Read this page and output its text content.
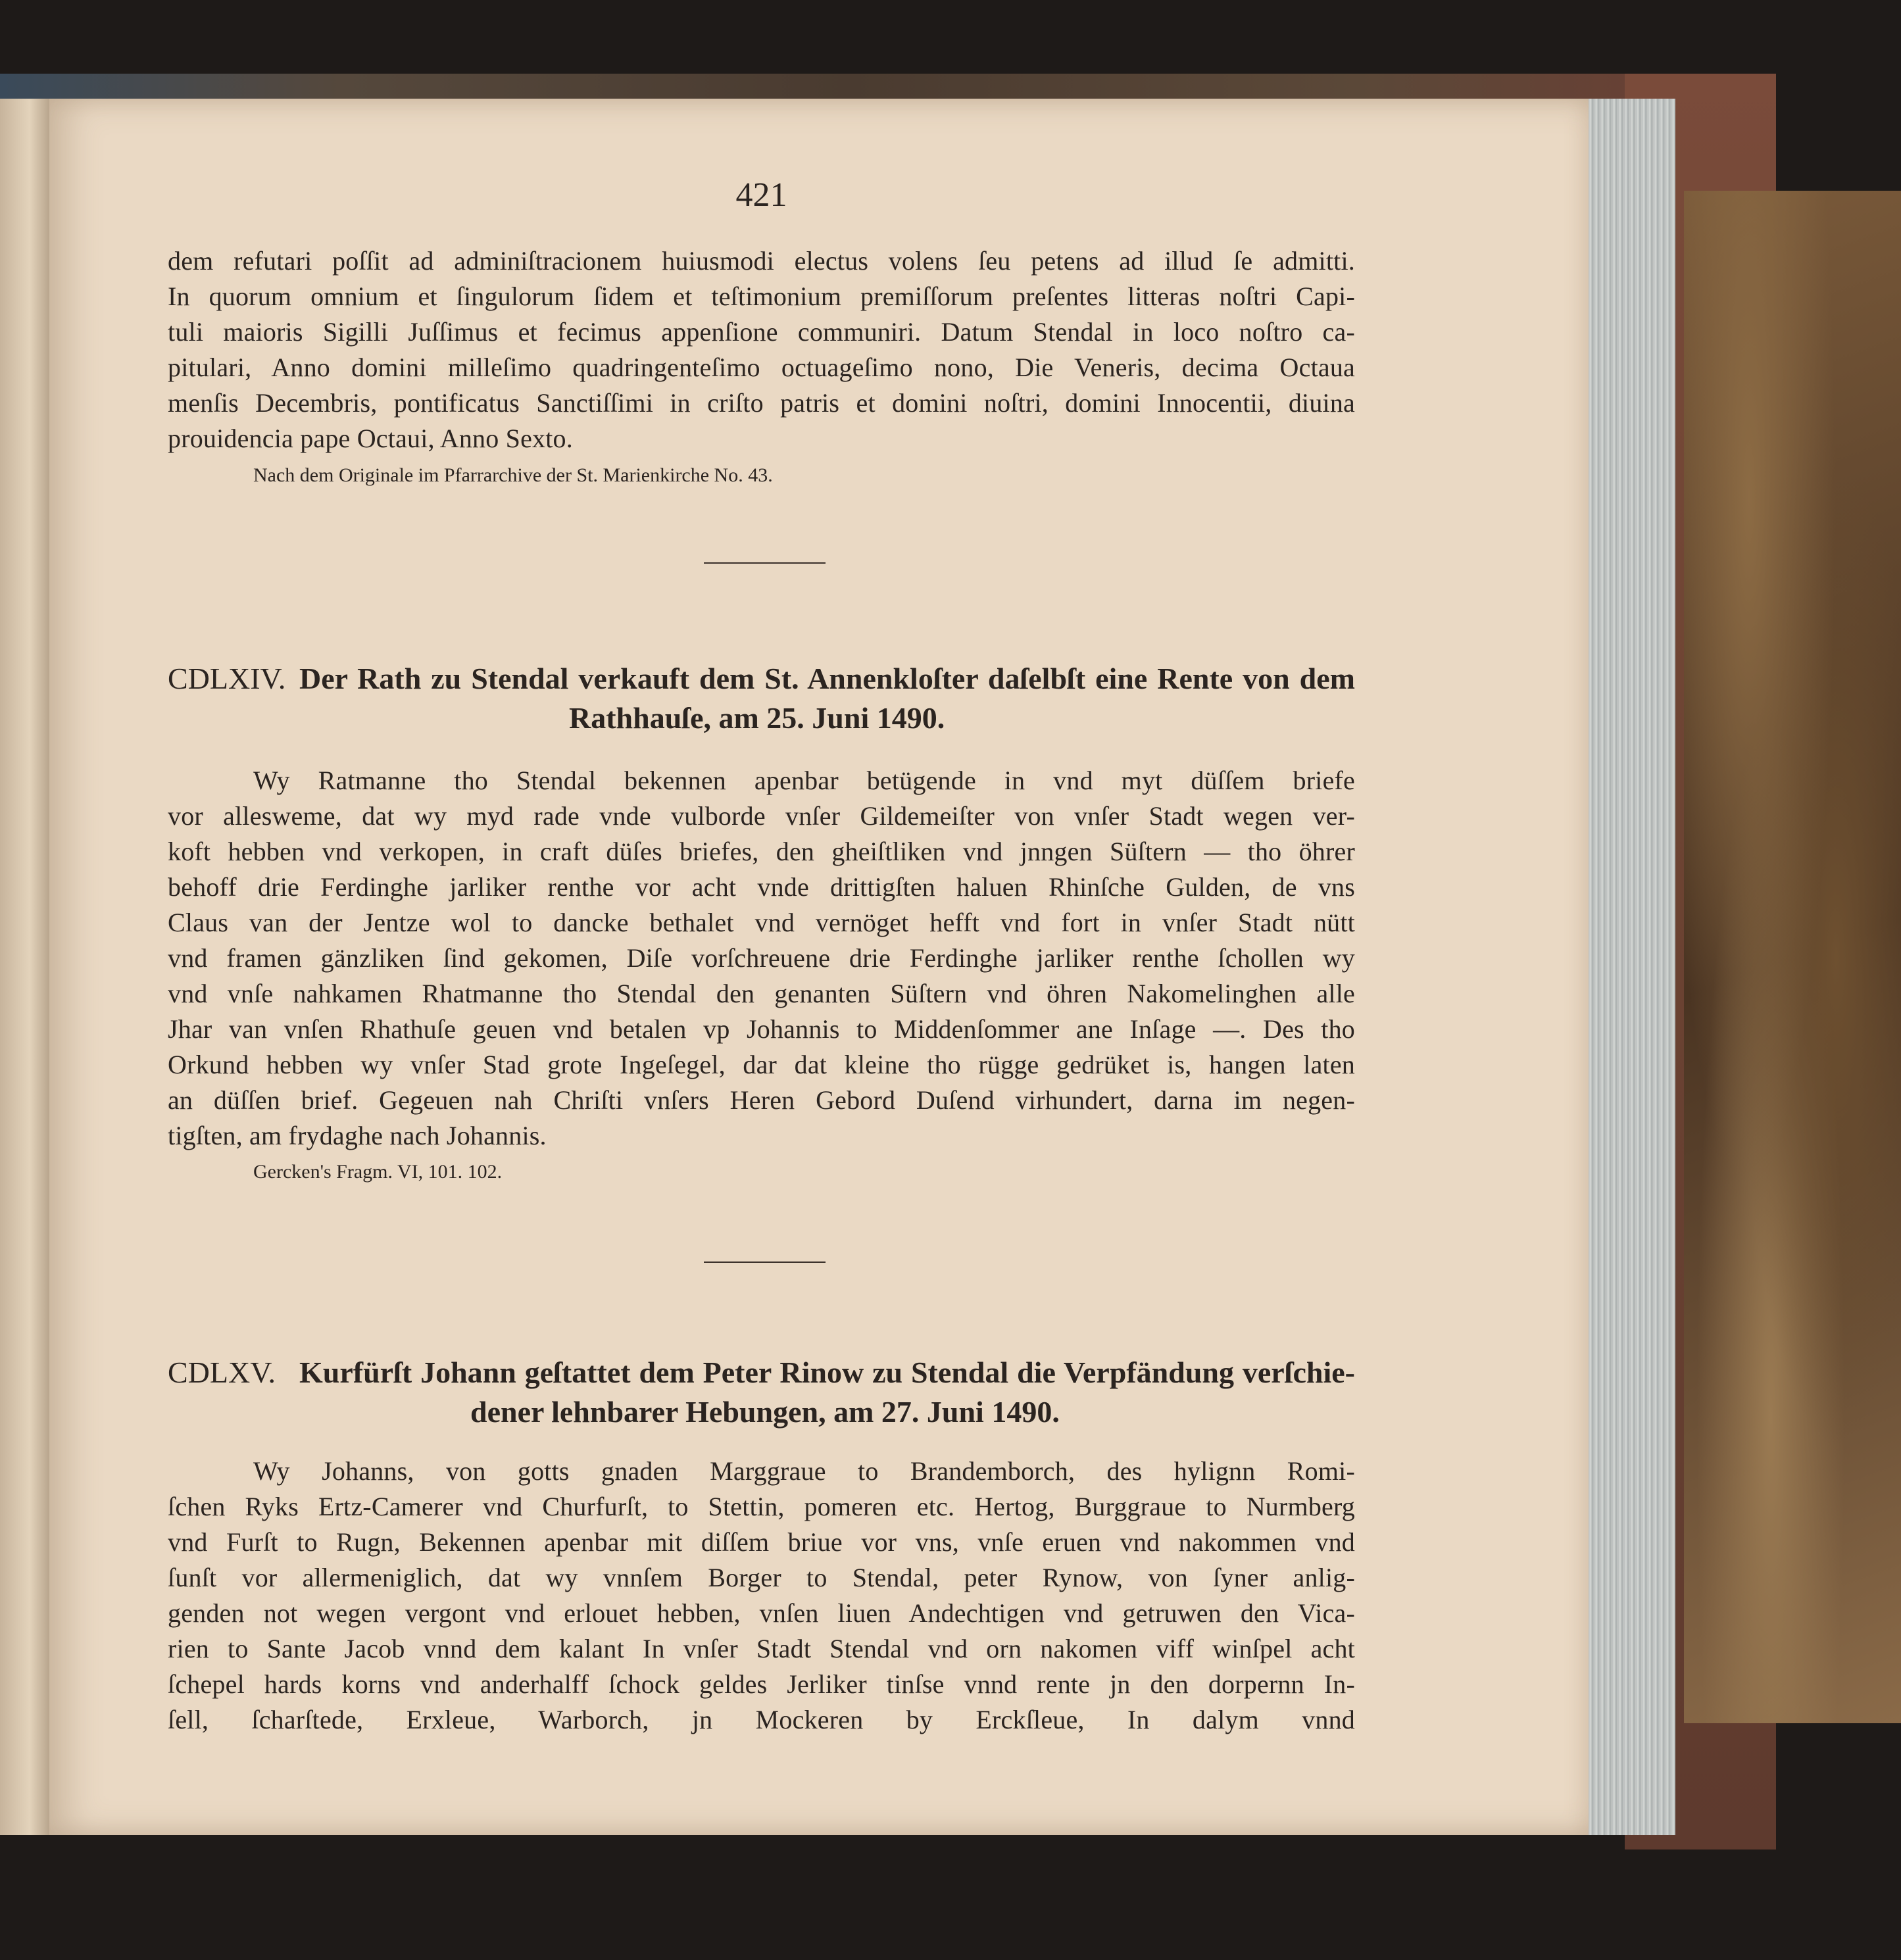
421
dem refutari poſſit ad adminiſtracionem huiusmodi electus volens ſeu petens ad illud ſe admitti.
In quorum omnium et ſingulorum ſidem et teſtimonium premiſſorum preſentes litteras noſtri Capi-
tuli maioris Sigilli Juſſimus et fecimus appenſione communiri. Datum Stendal in loco noſtro ca-
pitulari, Anno domini milleſimo quadringenteſimo octuageſimo nono, Die Veneris, decima Octaua
menſis Decembris, pontificatus Sanctiſſimi in criſto patris et domini noſtri, domini Innocentii, diuina
prouidencia pape Octaui, Anno Sexto.
Nach dem Originale im Pfarrarchive der St. Marienkirche No. 43.
CDLXIV. Der Rath zu Stendal verkauft dem St. Annenkloſter daſelbſt eine Rente von dem
Rathhauſe, am 25. Juni 1490.
Wy Ratmanne tho Stendal bekennen apenbar betügende in vnd myt düſſem briefe
vor allesweme, dat wy myd rade vnde vulborde vnſer Gildemeiſter von vnſer Stadt wegen ver-
koft hebben vnd verkopen, in craft düſes briefes, den gheiſtliken vnd jnngen Süſtern — tho öhrer
behoff drie Ferdinghe jarliker renthe vor acht vnde drittigſten haluen Rhinſche Gulden, de vns
Claus van der Jentze wol to dancke bethalet vnd vernöget hefft vnd fort in vnſer Stadt nütt
vnd framen gänzliken ſind gekomen, Diſe vorſchreuene drie Ferdinghe jarliker renthe ſchollen wy
vnd vnſe nahkamen Rhatmanne tho Stendal den genanten Süſtern vnd öhren Nakomelinghen alle
Jhar van vnſen Rhathuſe geuen vnd betalen vp Johannis to Middenſommer ane Inſage —. Des tho
Orkund hebben wy vnſer Stad grote Ingeſegel, dar dat kleine tho rügge gedrüket is, hangen laten
an düſſen brief. Gegeuen nah Chriſti vnſers Heren Gebord Duſend virhundert, darna im negen-
tigſten, am frydaghe nach Johannis.
Gercken's Fragm. VI, 101. 102.
CDLXV. Kurfürſt Johann geſtattet dem Peter Rinow zu Stendal die Verpfändung verſchie-
dener lehnbarer Hebungen, am 27. Juni 1490.
Wy Johanns, von gotts gnaden Marggraue to Brandemborch, des hylignn Romi-
ſchen Ryks Ertz-Camerer vnd Churfurſt, to Stettin, pomeren etc. Hertog, Burggraue to Nurmberg
vnd Furſt to Rugn, Bekennen apenbar mit diſſem briue vor vns, vnſe eruen vnd nakommen vnd
ſunſt vor allermeniglich, dat wy vnnſem Borger to Stendal, peter Rynow, von ſyner anlig-
genden not wegen vergont vnd erlouet hebben, vnſen liuen Andechtigen vnd getruwen den Vica-
rien to Sante Jacob vnnd dem kalant In vnſer Stadt Stendal vnd orn nakomen viff winſpel acht
ſchepel hards korns vnd anderhalff ſchock geldes Jerliker tinſse vnnd rente jn den dorpernn In-
ſell, ſcharſtede, Erxleue, Warborch, jn Mockeren by Erckſleue, In dalym vnnd
